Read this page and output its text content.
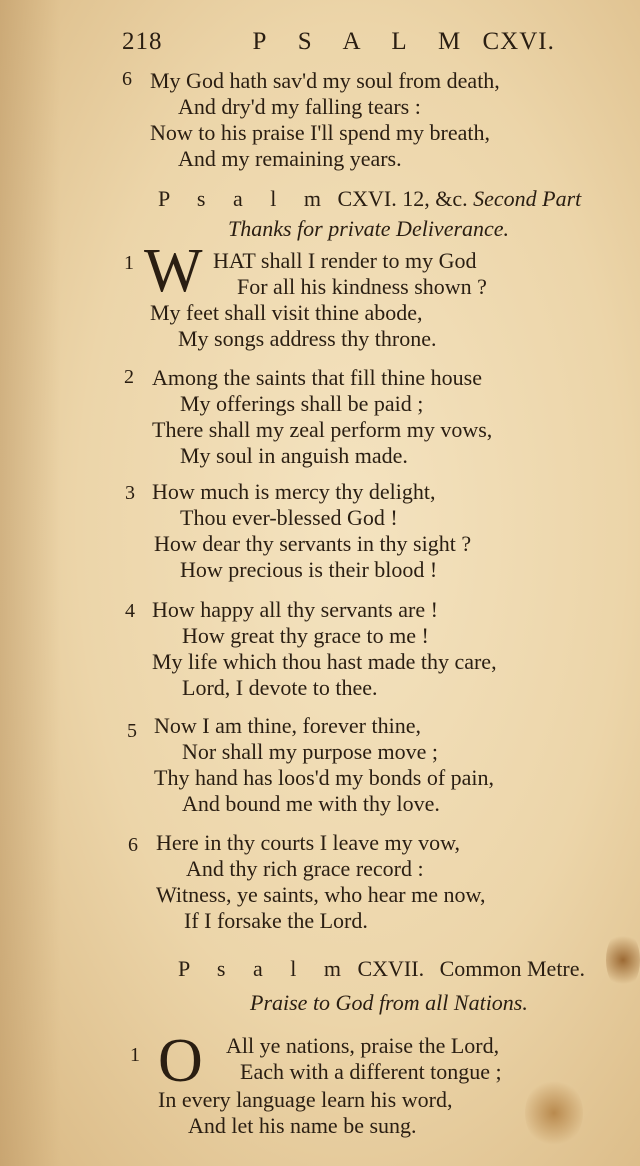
218	P S A L M CXVI.
6 My God hath sav'd my soul from death,
And dry'd my falling tears :
Now to his praise I'll spend my breath,
And my remaining years.
P s a l m CXVI. 12, &c. Second Part
Thanks for private Deliverance.
1 W HAT shall I render to my God
For all his kindness shown ?
My feet shall visit thine abode,
My songs address thy throne.
2 Among the saints that fill thine house
My offerings shall be paid ;
There shall my zeal perform my vows,
My soul in anguish made.
3 How much is mercy thy delight,
Thou ever-blessed God !
How dear thy servants in thy sight ?
How precious is their blood !
4 How happy all thy servants are !
How great thy grace to me !
My life which thou hast made thy care,
Lord, I devote to thee.
5 Now I am thine, forever thine,
Nor shall my purpose move ;
Thy hand has loos'd my bonds of pain,
And bound me with thy love.
6 Here in thy courts I leave my vow,
And thy rich grace record :
Witness, ye saints, who hear me now,
If I forsake the Lord.
P s a l m CXVII. Common Metre.
Praise to God from all Nations.
1 O All ye nations, praise the Lord,
Each with a different tongue ;
In every language learn his word,
And let his name be sung.
